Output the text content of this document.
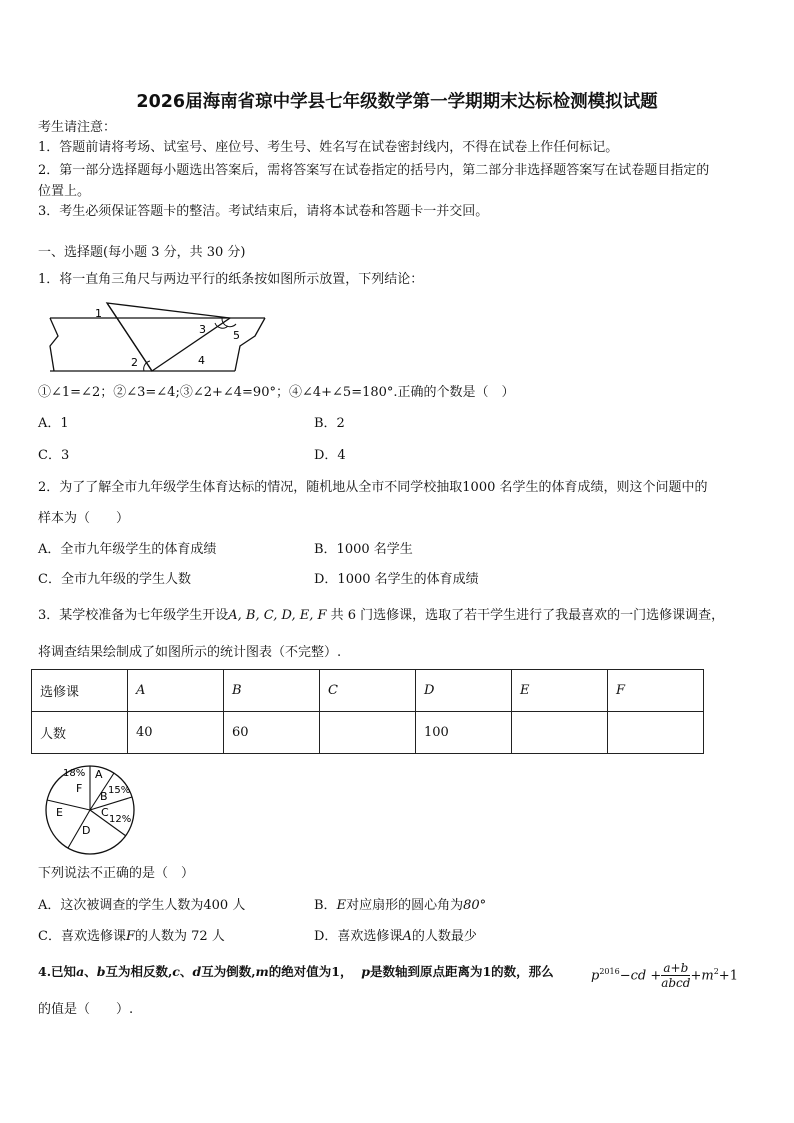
2026届海南省琼中学县七年级数学第一学期期末达标检测模拟试题
考生请注意：
1．答题前请将考场、试室号、座位号、考生号、姓名写在试卷密封线内，不得在试卷上作任何标记。
2．第一部分选择题每小题选出答案后，需将答案写在试卷指定的括号内，第二部分非选择题答案写在试卷题目指定的
位置上。
3．考生必须保证答题卡的整洁。考试结束后，请将本试卷和答题卡一并交回。
一、选择题(每小题 3 分，共 30 分)
1．将一直角三角尺与两边平行的纸条按如图所示放置，下列结论：
1
2
3
4
5
①∠1=∠2；②∠3=∠4;③∠2+∠4=90°；④∠4+∠5=180°.正确的个数是（　）
A．1	B．2
C．3	D．4
2．为了了解全市九年级学生体育达标的情况，随机地从全市不同学校抽取1000 名学生的体育成绩，则这个问题中的
样本为（　　）
A．全市九年级学生的体育成绩	B．1000 名学生
C．全市九年级的学生人数	D．1000 名学生的体育成绩
3．某学校准备为七年级学生开设A, B, C, D, E, F 共 6 门选修课，选取了若干学生进行了我最喜欢的一门选修课调查，
将调查结果绘制成了如图所示的统计图表（不完整）.
选修课	A	B	C	D	E	F
人数	40	60		100		
A
18%
F
B 15%
C
12%
E
D
下列说法不正确的是（　）
A．这次被调查的学生人数为400 人	B．E对应扇形的圆心角为80°
C．喜欢选修课F的人数为 72 人	D．喜欢选修课A的人数最少
4.已知a、b互为相反数,c、d互为倒数,m的绝对值为1， p是数轴到原点距离为1的数，那么	$p^{2016}-cd + \frac{a+b}{\text{abcd}} +m^2+1$
的值是（　　）.
